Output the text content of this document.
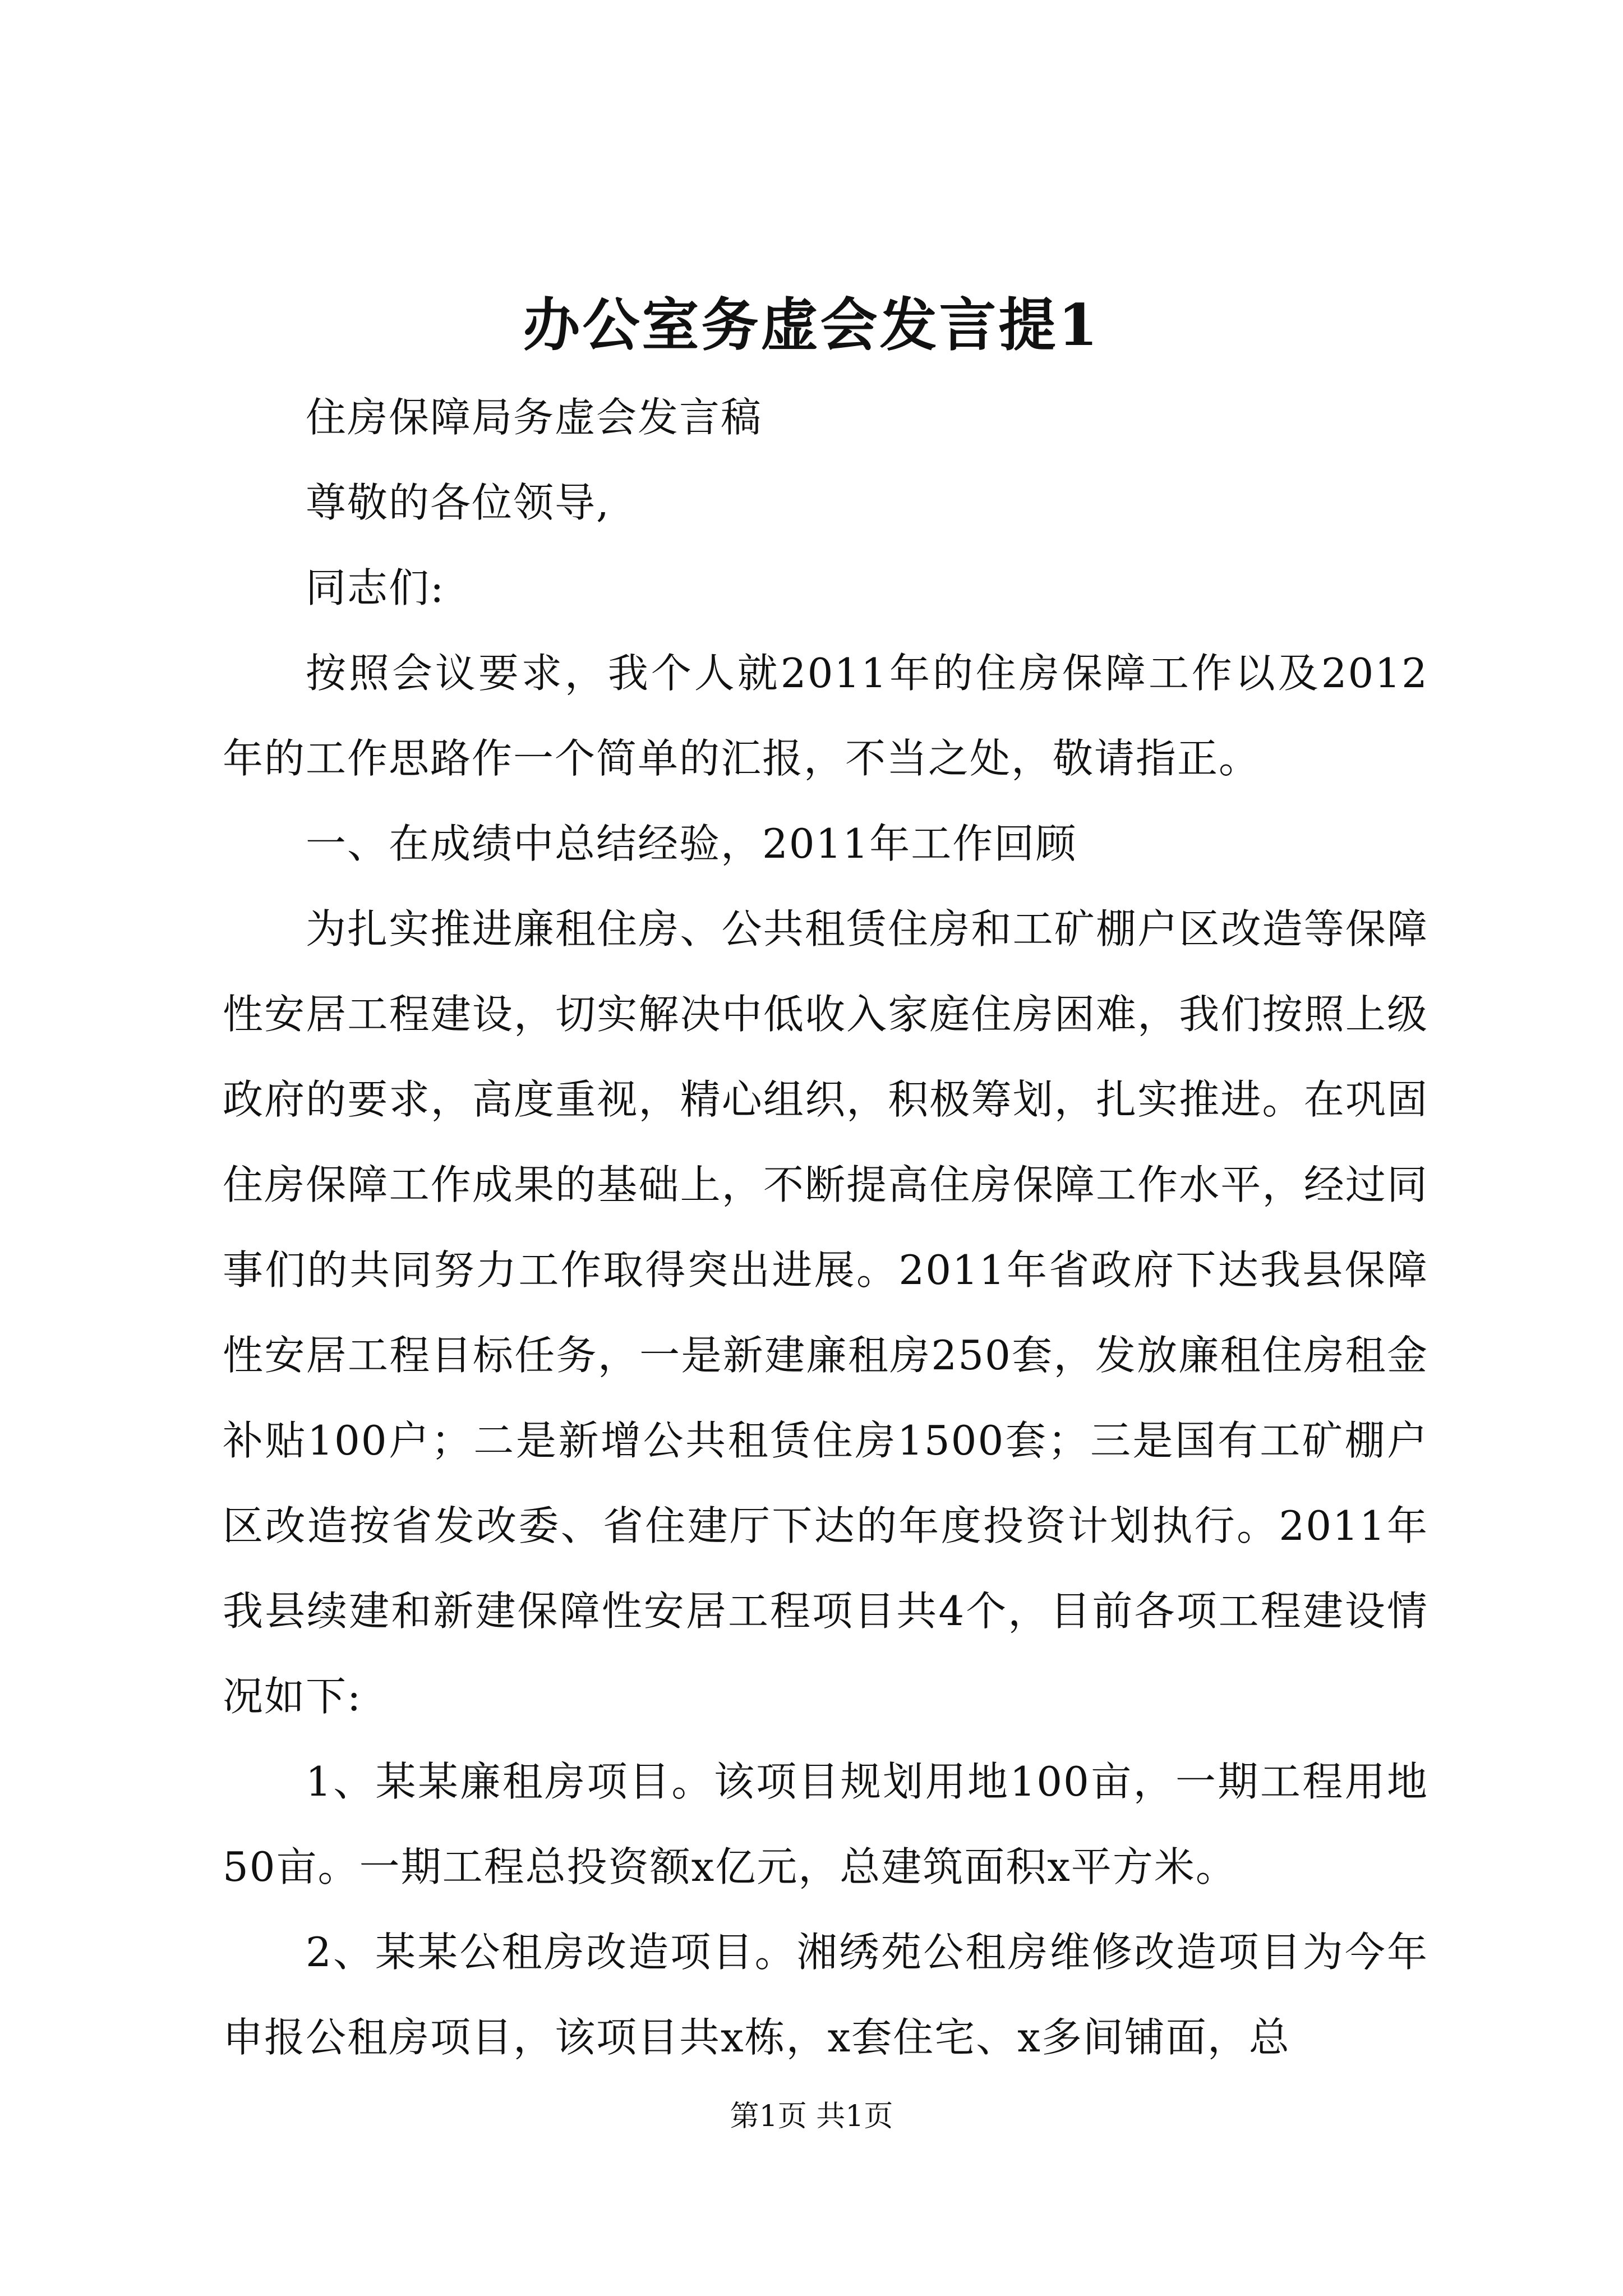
办公室务虚会发言提1

住房保障局务虚会发言稿

尊敬的各位领导,

同志们:

按照会议要求，我个人就2011年的住房保障工作以及2012年的工作思路作一个简单的汇报，不当之处，敬请指正。

一、在成绩中总结经验，2011年工作回顾

为扎实推进廉租住房、公共租赁住房和工矿棚户区改造等保障性安居工程建设，切实解决中低收入家庭住房困难，我们按照上级政府的要求，高度重视，精心组织，积极筹划，扎实推进。在巩固住房保障工作成果的基础上，不断提高住房保障工作水平，经过同事们的共同努力工作取得突出进展。2011年省政府下达我县保障性安居工程目标任务，一是新建廉租房250套，发放廉租住房租金补贴100户；二是新增公共租赁住房1500套；三是国有工矿棚户区改造按省发改委、省住建厅下达的年度投资计划执行。2011年我县续建和新建保障性安居工程项目共4个，目前各项工程建设情况如下:

1、某某廉租房项目。该项目规划用地100亩，一期工程用地50亩。一期工程总投资额x亿元，总建筑面积x平方米。

2、某某公租房改造项目。湘绣苑公租房维修改造项目为今年申报公租房项目，该项目共x栋，x套住宅、x多间铺面，总

第1页 共1页
